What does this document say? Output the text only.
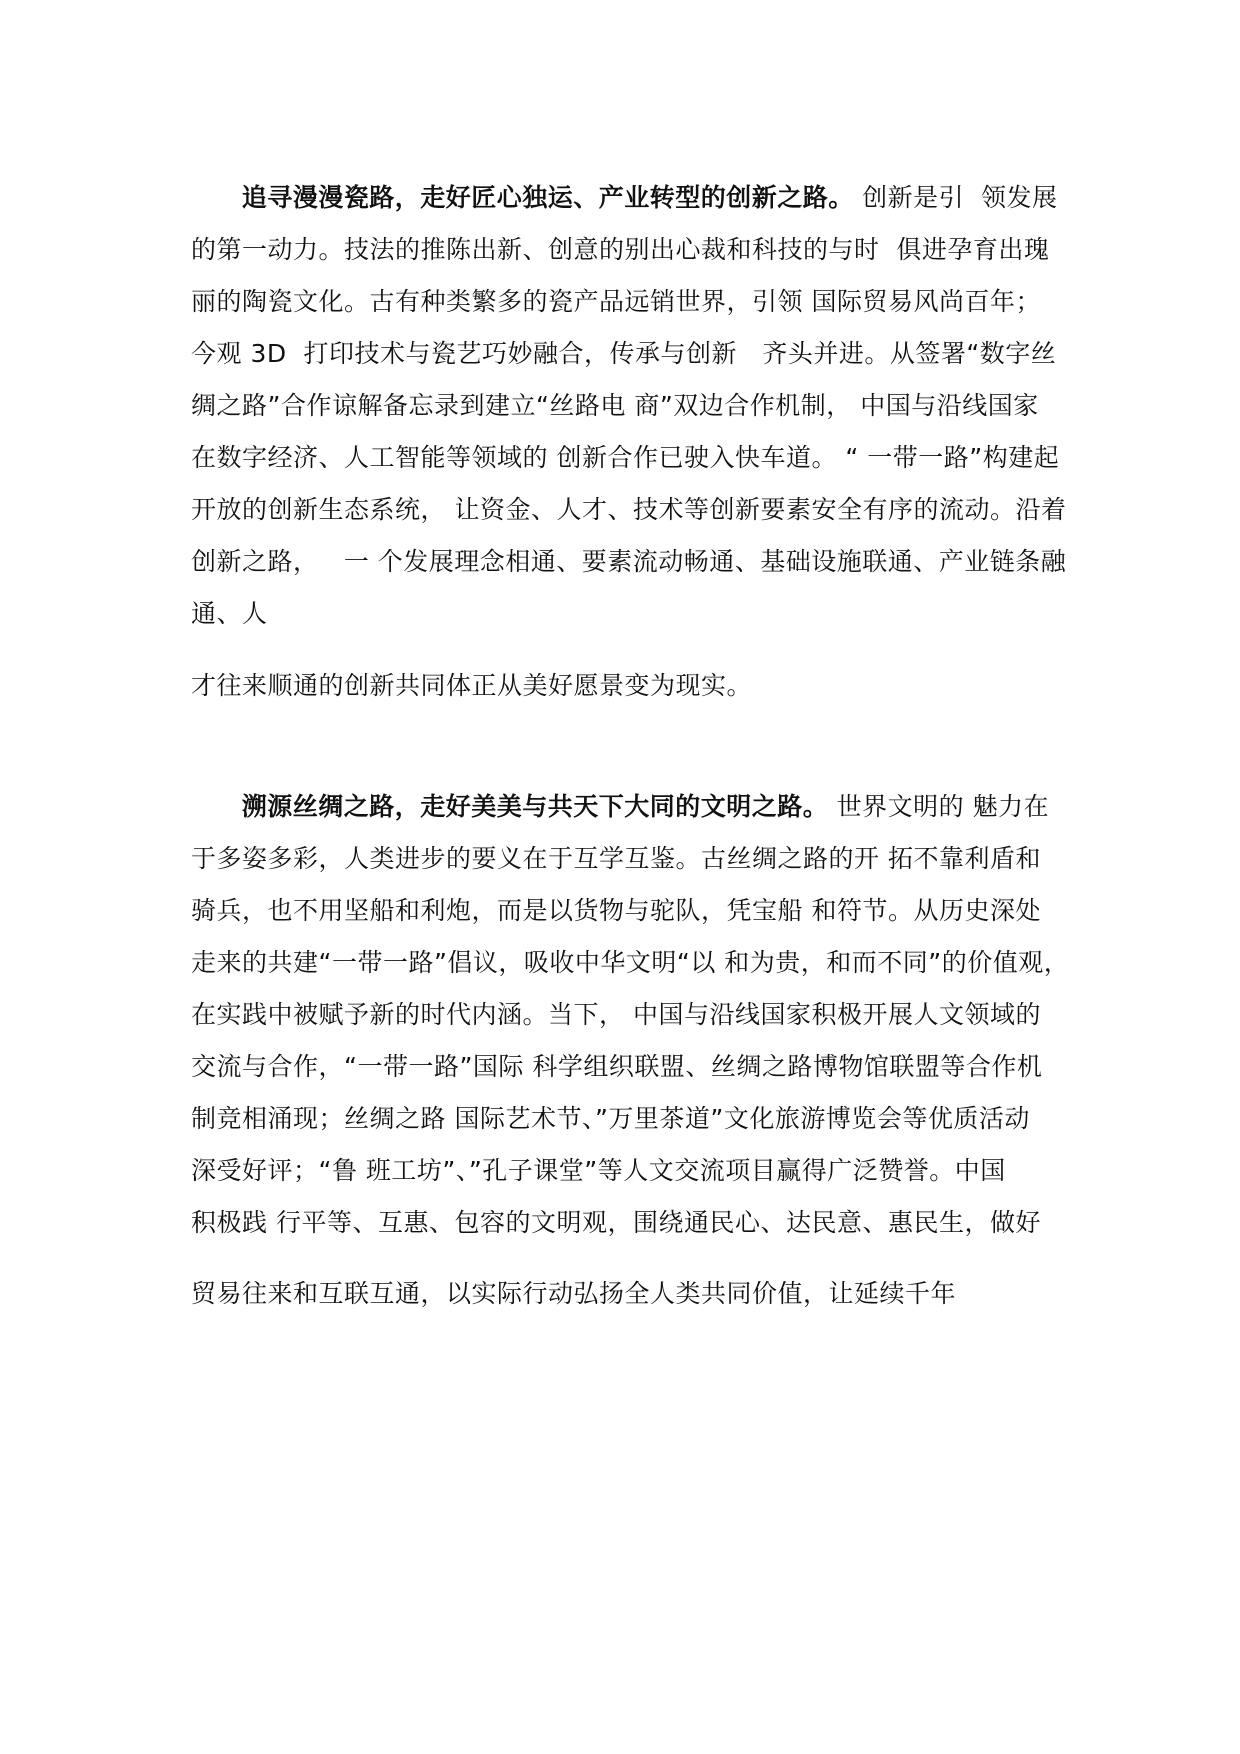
追寻漫漫瓷路，走好匠心独运、产业转型的创新之路。 创新是引  领发展
的第一动力。技法的推陈出新、创意的别出心裁和科技的与时  俱进孕育出瑰
丽的陶瓷文化。古有种类繁多的瓷产品远销世界，引领 国际贸易风尚百年；
今观 3D  打印技术与瓷艺巧妙融合，传承与创新   齐头并进。从签署“数字丝
绸之路”合作谅解备忘录到建立“丝路电 商”双边合作机制， 中国与沿线国家
在数字经济、人工智能等领域的 创新合作已驶入快车道。 “ 一带一路”构建起
开放的创新生态系统， 让资金、人才、技术等创新要素安全有序的流动。沿着
创新之路，   一 个发展理念相通、要素流动畅通、基础设施联通、产业链条融
通、人
才往来顺通的创新共同体正从美好愿景变为现实。
溯源丝绸之路，走好美美与共天下大同的文明之路。 世界文明的 魅力在
于多姿多彩，人类进步的要义在于互学互鉴。古丝绸之路的开 拓不靠利盾和
骑兵，也不用坚船和利炮，而是以货物与驼队，凭宝船 和符节。从历史深处
走来的共建“一带一路”倡议，吸收中华文明“以 和为贵，和而不同”的价值观，
在实践中被赋予新的时代内涵。当下， 中国与沿线国家积极开展人文领域的
交流与合作，“一带一路”国际 科学组织联盟、丝绸之路博物馆联盟等合作机
制竞相涌现；丝绸之路 国际艺术节、”万里茶道”文化旅游博览会等优质活动
深受好评；“鲁 班工坊”、”孔子课堂”等人文交流项目赢得广泛赞誉。中国
积极践 行平等、互惠、包容的文明观，围绕通民心、达民意、惠民生，做好
贸易往来和互联互通，以实际行动弘扬全人类共同价值，让延续千年
